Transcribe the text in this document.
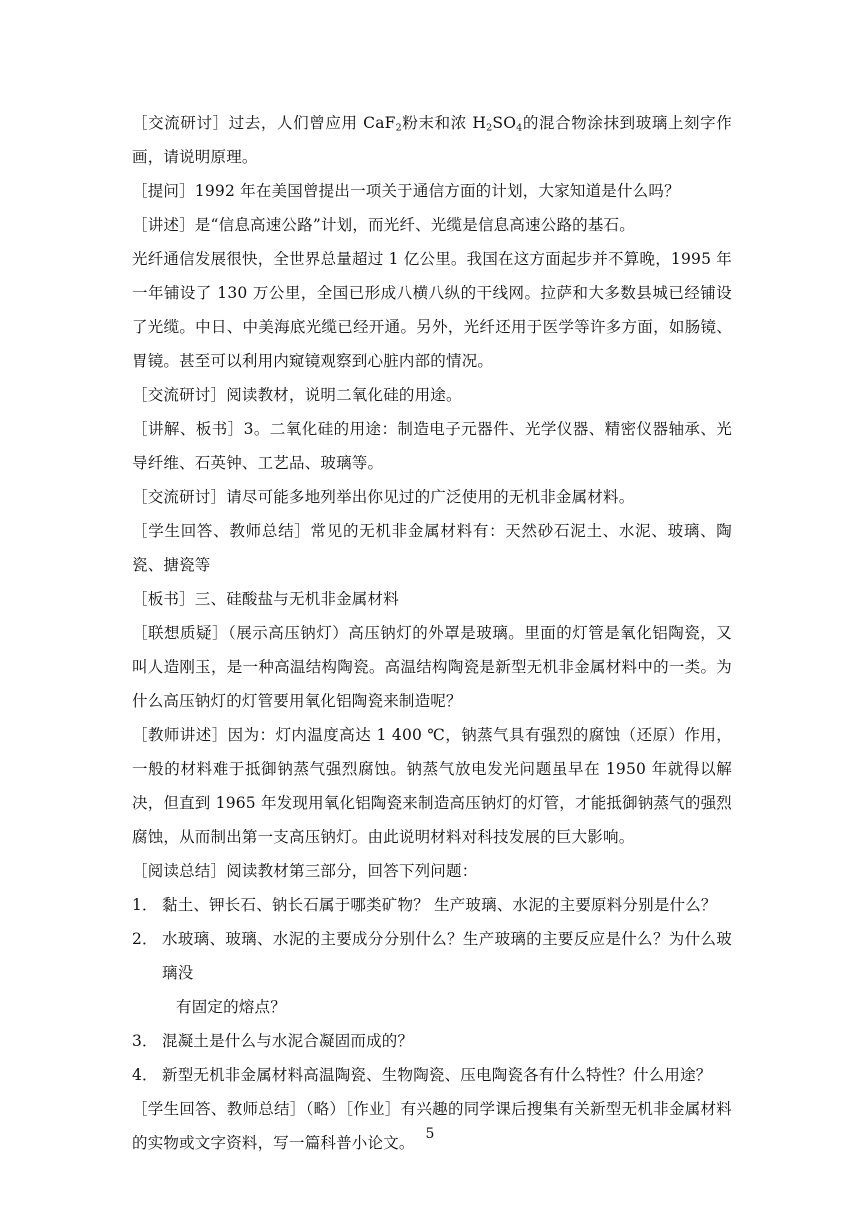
［交流研讨］过去，人们曾应用 CaF$_2$粉末和浓 $H_2SO_4$的混合物涂抹到玻璃上刻字作画，请说明原理。

［提问］1992 年在美国曾提出一项关于通信方面的计划，大家知道是什么吗？

［讲述］是“信息高速公路”计划，而光纤、光缆是信息高速公路的基石。

光纤通信发展很快，全世界总量超过 1 亿公里。我国在这方面起步并不算晚，1995 年一年铺设了 130 万公里，全国已形成八横八纵的干线网。拉萨和大多数县城已经铺设了光缆。中日、中美海底光缆已经开通。另外，光纤还用于医学等许多方面，如肠镜、胃镜。甚至可以利用内窥镜观察到心脏内部的情况。

［交流研讨］阅读教材，说明二氧化硅的用途。

［讲解、板书］3。二氧化硅的用途：制造电子元器件、光学仪器、精密仪器轴承、光导纤维、石英钟、工艺品、玻璃等。

［交流研讨］请尽可能多地列举出你见过的广泛使用的无机非金属材料。

［学生回答、教师总结］常见的无机非金属材料有：天然砂石泥土、水泥、玻璃、陶瓷、搪瓷等

［板书］三、硅酸盐与无机非金属材料

［联想质疑］（展示高压钠灯）高压钠灯的外罩是玻璃。里面的灯管是氧化铝陶瓷，又叫人造刚玉，是一种高温结构陶瓷。高温结构陶瓷是新型无机非金属材料中的一类。为什么高压钠灯的灯管要用氧化铝陶瓷来制造呢？

［教师讲述］因为：灯内温度高达 1 400 ℃，钠蒸气具有强烈的腐蚀（还原）作用，一般的材料难于抵御钠蒸气强烈腐蚀。钠蒸气放电发光问题虽早在 1950 年就得以解决，但直到 1965 年发现用氧化铝陶瓷来制造高压钠灯的灯管，才能抵御钠蒸气的强烈腐蚀，从而制出第一支高压钠灯。由此说明材料对科技发展的巨大影响。

［阅读总结］阅读教材第三部分，回答下列问题：

1． 黏土、钾长石、钠长石属于哪类矿物？ 生产玻璃、水泥的主要原料分别是什么？

2． 水玻璃、玻璃、水泥的主要成分分别什么？生产玻璃的主要反应是什么？为什么玻璃没
有固定的熔点？

3． 混凝土是什么与水泥合凝固而成的？

4． 新型无机非金属材料高温陶瓷、生物陶瓷、压电陶瓷各有什么特性？什么用途？

［学生回答、教师总结］（略）［作业］有兴趣的同学课后搜集有关新型无机非金属材料的实物或文字资料，写一篇科普小论文。 5
